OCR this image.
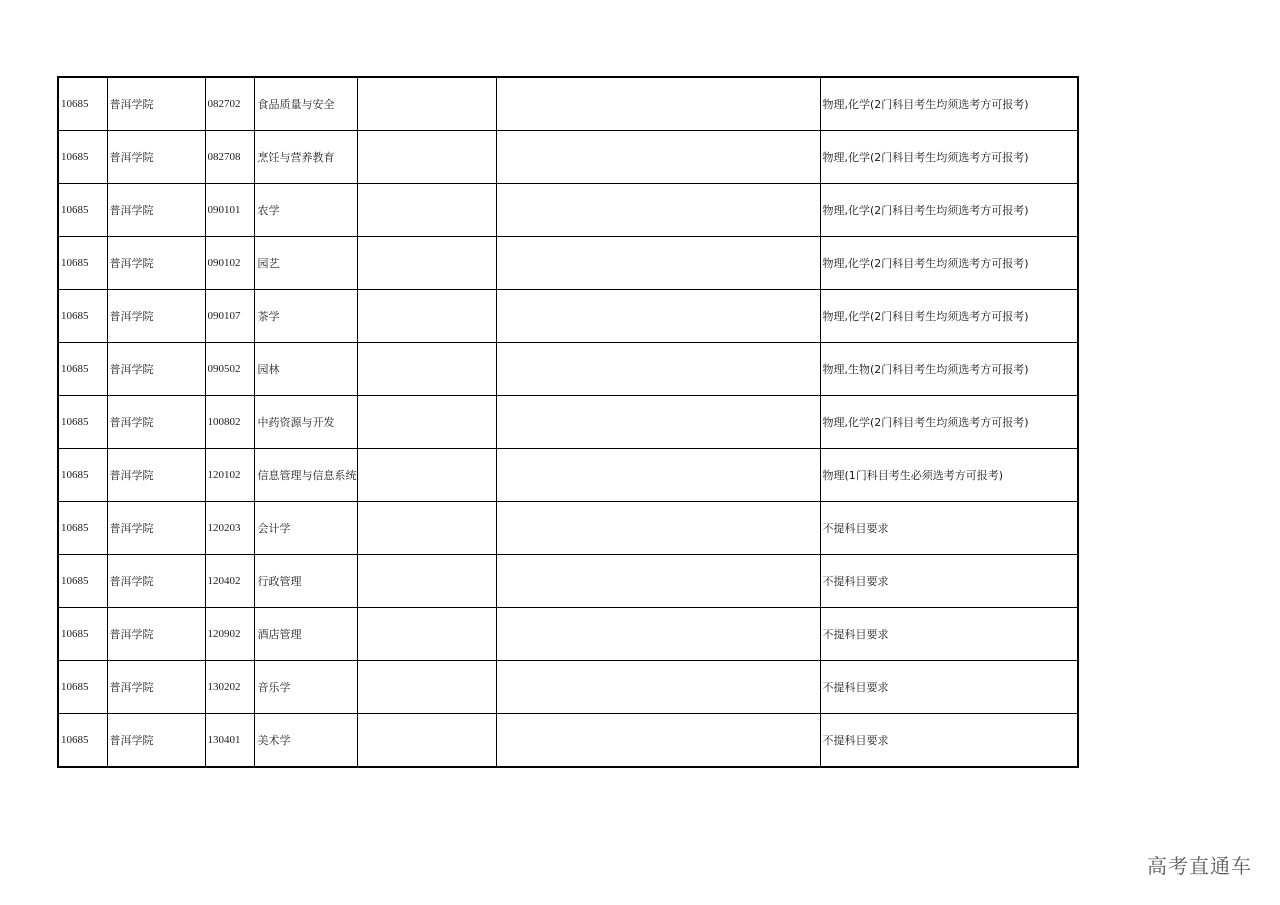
10685	普洱学院	082702	食品质量与安全			物理,化学(2门科目考生均须选考方可报考)
10685	普洱学院	082708	烹饪与营养教育			物理,化学(2门科目考生均须选考方可报考)
10685	普洱学院	090101	农学			物理,化学(2门科目考生均须选考方可报考)
10685	普洱学院	090102	园艺			物理,化学(2门科目考生均须选考方可报考)
10685	普洱学院	090107	茶学			物理,化学(2门科目考生均须选考方可报考)
10685	普洱学院	090502	园林			物理,生物(2门科目考生均须选考方可报考)
10685	普洱学院	100802	中药资源与开发			物理,化学(2门科目考生均须选考方可报考)
10685	普洱学院	120102	信息管理与信息系统			物理(1门科目考生必须选考方可报考)
10685	普洱学院	120203	会计学			不提科目要求
10685	普洱学院	120402	行政管理			不提科目要求
10685	普洱学院	120902	酒店管理			不提科目要求
10685	普洱学院	130202	音乐学			不提科目要求
10685	普洱学院	130401	美术学			不提科目要求
高考直通车
